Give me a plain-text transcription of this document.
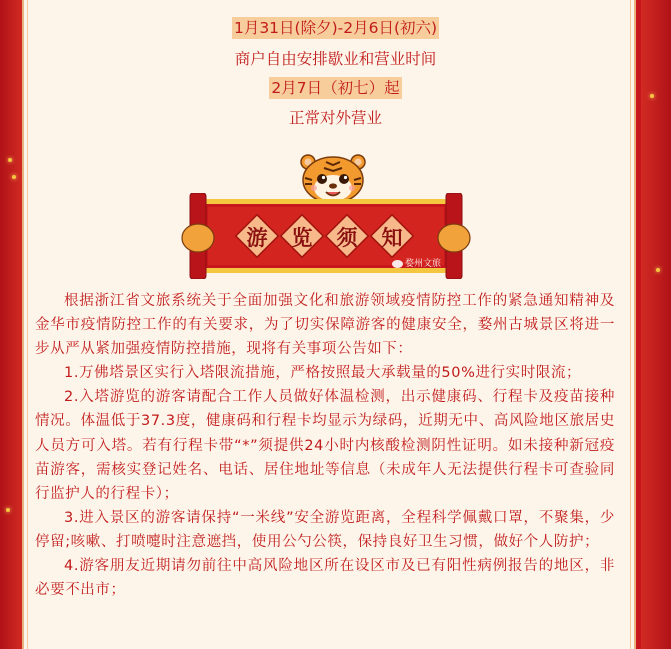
1月31日(除夕)-2月6日(初六)
商户自由安排歇业和营业时间
2月7日（初七）起
正常对外营业
游 览 须 知
婺州文旅

根据浙江省文旅系统关于全面加强文化和旅游领域疫情防控工作的紧急通知精神及金华市疫情防控工作的有关要求，为了切实保障游客的健康安全，婺州古城景区将进一步从严从紧加强疫情防控措施，现将有关事项公告如下：

1.万佛塔景区实行入塔限流措施，严格按照最大承载量的50%进行实时限流；

2.入塔游览的游客请配合工作人员做好体温检测，出示健康码、行程卡及疫苗接种情况。体温低于37.3度，健康码和行程卡均显示为绿码，近期无中、高风险地区旅居史人员方可入塔。若有行程卡带“*”须提供24小时内核酸检测阴性证明。如未接种新冠疫苗游客，需核实登记姓名、电话、居住地址等信息（未成年人无法提供行程卡可查验同行监护人的行程卡）；

3.进入景区的游客请保持“一米线”安全游览距离，全程科学佩戴口罩，不聚集，少停留;咳嗽、打喷嚏时注意遮挡，使用公勺公筷，保持良好卫生习惯，做好个人防护；

4.游客朋友近期请勿前往中高风险地区所在设区市及已有阳性病例报告的地区，非必要不出市；
